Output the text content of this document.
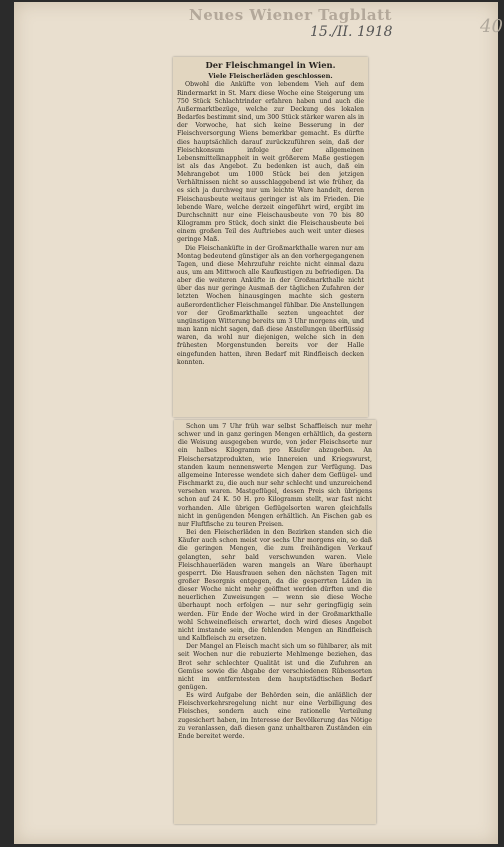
Neues Wiener Tagblatt
15./II. 1918	40
Der Fleischmangel in Wien.
Viele Fleischerläden geschlossen.

Obwohl die Anküfte von lebendem Vieh auf dem Rindermarkt in St. Marx diese Woche eine Steigerung um 750 Stück Schlachtrinder erfahren haben und auch die Außermarktbezüge, welche zur Deckung des lokalen Bedarfes bestimmt sind, um 300 Stück stärker waren als in der Vorwoche, hat sich keine Besserung in der Fleischversorgung Wiens bemerkbar gemacht. Es dürfte dies hauptsächlich darauf zurückzuführen sein, daß der Fleischkonsum infolge der allgemeinen Lebensmittelknappheit in weit größerem Maße gestiegen ist als das Angebot. Zu bedenken ist auch, daß ein Mehrangebot um 1000 Stück bei den jetzigen Verhältnissen nicht so ausschlaggebend ist wie früher, da es sich ja durchweg nur um leichte Ware handelt, deren Fleischausbeute weitaus geringer ist als im Frieden. Die lebende Ware, welche derzeit eingeführt wird, ergibt im Durchschnitt nur eine Fleischausbeute von 70 bis 80 Kilogramm pro Stück, doch sinkt die Fleischausbeute bei einem großen Teil des Auftriebes auch weit unter dieses geringe Maß.

Die Fleischanküfte in der Großmarkthalle waren nur am Montag bedeutend günstiger als an den vorhergegangenen Tagen, und diese Mehrzufuhr reichte nicht einmal dazu aus, um am Mittwoch alle Kaufkustigen zu befriedigen. Da aber die weiteren Anküfte in der Großmarkthalle nicht über das nur geringe Ausmaß der täglichen Zufahren der letzten Wochen hinausgingen machte sich gestern außerordentlicher Fleischmangel fühlbar. Die Anstellungen vor der Großmarkthalle sezten ungeachtet der ungünstigen Witterung bereits um 3 Uhr morgens ein, und man kann nicht sagen, daß diese Anstellungen überflüssig waren, da wohl nur diejenigen, welche sich in den frühesten Morgenstunden bereits vor der Halle eingefunden hatten, ihren Bedarf mit Rindfleisch decken konnten.

Schon um 7 Uhr früh war selbst Schaffleisch nur mehr schwer und in ganz geringen Mengen erhältlich, da gestern die Weisung ausgegeben wurde, von jeder Fleischsorte nur ein halbes Kilogramm pro Käufer abzugeben. An Fleischersatzprodukten, wie Innereien und Kriegswurst, standen kaum nennenswerte Mengen zur Verfügung. Das allgemeine Interesse wendete sich daher dem Geflügel- und Fischmarkt zu, die auch nur sehr schlecht und unzureichend versehen waren. Mastgeflügel, dessen Preis sich übrigens schon auf 24 K. 50 H. pro Kilogramm stellt, war fast nicht vorhanden. Alle übrigen Geflügelsorten waren gleichfalls nicht in genügenden Mengen erhältlich. An Fischen gab es nur Fluftfische zu teuren Preisen.

Bei den Fleischerläden in den Bezirken standen sich die Käufer auch schon meist vor sechs Uhr morgens ein, so daß die geringen Mengen, die zum freihändigen Verkauf gelangten, sehr bald verschwunden waren. Viele Fleischhauerläden waren mangels an Ware überhaupt gesperrt. Die Hausfrauen sehen den nächsten Tagen mit großer Besorgnis entgegen, da die gesperrten Läden in dieser Woche nicht mehr geöffnet werden dürften und die neuerlichen Zuweisungen — wenn sie diese Woche überhaupt noch erfolgen — nur sehr geringfügig sein werden. Für Ende der Woche wird in der Großmarkthalle wohl Schweinefleisch erwartet, doch wird dieses Angebot nicht imstande sein, die fehlenden Mengen an Rindfleisch und Kalbfleisch zu ersetzen.

Der Mangel an Fleisch macht sich um so fühlbarer, als mit seit Wochen nur die rebuzierte Mehlmenge beziehen, das Brot sehr schlechter Qualität ist und die Zufuhren an Gemüse sowie die Abgabe der verschiedenen Rübensorten nicht im entferntesten dem hauptstädtischen Bedarf genügen.

Es wird Aufgabe der Behörden sein, die anläßlich der Fleischverkehrsregelung nicht nur eine Verbilligung des Fleisches, sondern auch eine rationelle Verteilung zugesichert haben, im Interesse der Bevölkerung das Nötige zu veranlassen, daß diesen ganz unhaltbaren Zuständen ein Ende bereitet werde.
